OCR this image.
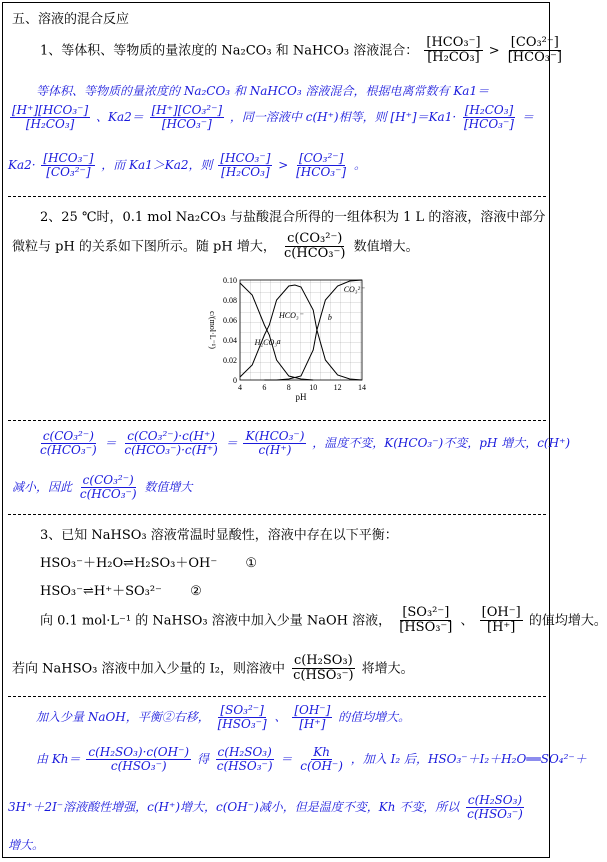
五、溶液的混合反应
1、等体积、等物质的量浓度的 Na₂CO₃ 和 NaHCO₃ 溶液混合： $\frac{\text{[HCO₃⁻]}}{\text{[H₂CO₃]}} > \frac{\text{[CO₃²⁻]}}{\text{[HCO₃⁻]}}$
等体积、等物质的量浓度的 Na₂CO₃ 和 NaHCO₃ 溶液混合，根据电离常数有 Ka1＝
$\frac{\text{[H⁺][HCO₃⁻]}}{\text{[H₂CO₃]}}$ 、$Ka2= \frac{\text{[H⁺][CO₃²⁻]}}{\text{[HCO₃⁻]}}$ ，同一溶液中 c(H⁺)相等，则 $[H^+]=Ka1\cdot \frac{\text{[H₂CO₃]}}{\text{[HCO₃⁻]}}$ ＝
$Ka2\cdot \frac{\text{[HCO₃⁻]}}{\text{[CO₃²⁻]}}$ ，而 Ka1＞Ka2，则 $\frac{\text{[HCO₃⁻]}}{\text{[H₂CO₃]}} > \frac{\text{[CO₃²⁻]}}{\text{[HCO₃⁻]}}$ 。
2、25 ℃时，0.1 mol Na₂CO₃ 与盐酸混合所得的一组体积为 1 L 的溶液，溶液中部分
微粒与 pH 的关系如下图所示。随 pH 增大， $\frac{\text{c(CO₃²⁻)}}{\text{c(HCO₃⁻)}}$ 数值增大。
4	6	8 10 12 14
0
0.02
0.04
0.06
0.08
0.10
pH
c/(mol·L⁻¹)	H₂CO₃
HCO₃⁻
CO₃²⁻
a
b
$\frac{\text{c(CO₃²⁻)}}{\text{c(HCO₃⁻)}} = \frac{\text{c(CO₃²⁻)·c(H⁺)}}{\text{c(HCO₃⁻)·c(H⁺)}} = \frac{\text{K(HCO₃⁻)}}{c(H^+)}$ ，温度不变，K(HCO₃⁻)不变，pH 增大，c(H⁺)
减小，因此 $\frac{\text{c(CO₃²⁻)}}{\text{c(HCO₃⁻)}}$ 数值增大
3、已知 NaHSO₃ 溶液常温时显酸性，溶液中存在以下平衡：
HSO₃⁻＋H₂O⇌H₂SO₃＋OH⁻ ①
HSO₃⁻⇌H⁺＋SO₃²⁻ ②
向 0.1 mol·L⁻¹ 的 NaHSO₃ 溶液中加入少量 NaOH 溶液， $\frac{\text{[SO₃²⁻]}}{\text{[HSO₃⁻]}}$ 、 $\frac{[OH^-]}{[H^+]}$ 的值均增大。
若向 NaHSO₃ 溶液中加入少量的 I₂，则溶液中 $\frac{\text{c(H₂SO₃)}}{\text{c(HSO₃⁻)}}$ 将增大。
加入少量 NaOH，平衡②右移， $\frac{\text{[SO₃²⁻]}}{\text{[HSO₃⁻]}}$ 、 $\frac{[OH^-]}{[H^+]}$ 的值均增大。
由 $Kh= \frac{\text{c(H₂SO₃)·c(OH⁻)}}{\text{c(HSO₃⁻)}}$ 得 $\frac{\text{c(H₂SO₃)}}{\text{c(HSO₃⁻)}} = \frac{Kh}{c(OH^-)}$ ，加入 I₂ 后，HSO₃⁻＋I₂＋H₂O══SO₄²⁻＋
3H⁺＋2I⁻溶液酸性增强，c(H⁺)增大，c(OH⁻)减小，但是温度不变，Kh 不变，所以 $\frac{\text{c(H₂SO₃)}}{\text{c(HSO₃⁻)}}$
增大。
